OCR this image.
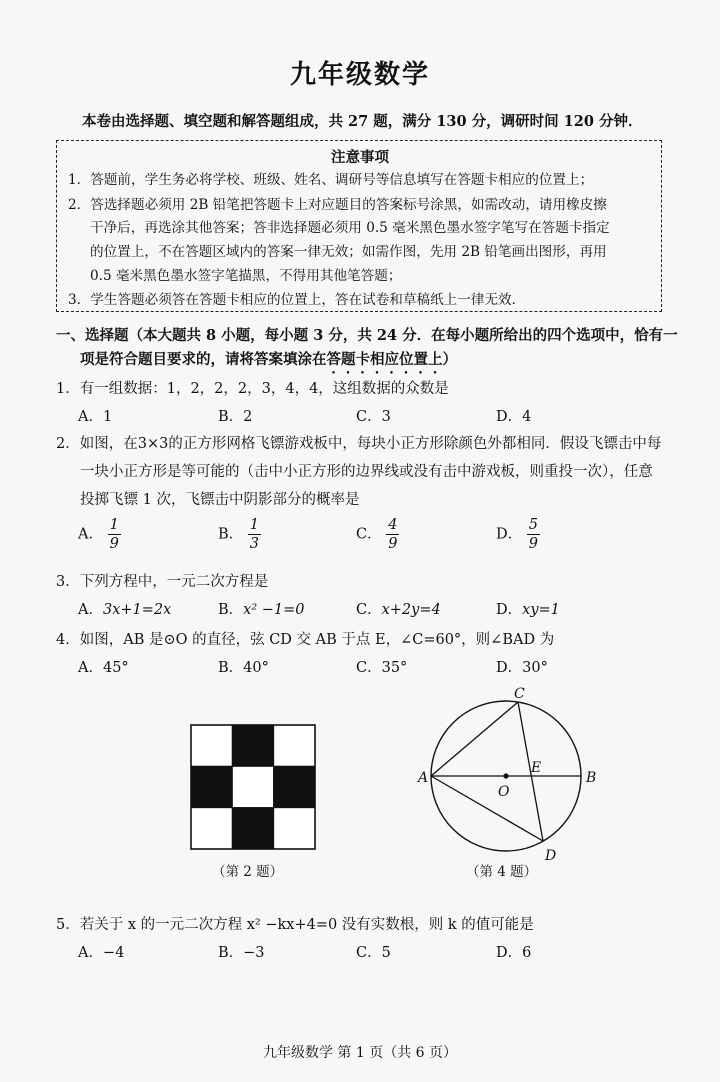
九年级数学
本卷由选择题、填空题和解答题组成，共 27 题，满分 130 分，调研时间 120 分钟．
注意事项
1．答题前，学生务必将学校、班级、姓名、调研号等信息填写在答题卡相应的位置上；
2．答选择题必须用 2B 铅笔把答题卡上对应题目的答案标号涂黑，如需改动，请用橡皮擦
干净后，再选涂其他答案；答非选择题必须用 0.5 毫米黑色墨水签字笔写在答题卡指定
的位置上，不在答题区域内的答案一律无效；如需作图，先用 2B 铅笔画出图形，再用
0.5 毫米黑色墨水签字笔描黑，不得用其他笔答题；
3．学生答题必须答在答题卡相应的位置上，答在试卷和草稿纸上一律无效．
一、选择题（本大题共 8 小题，每小题 3 分，共 24 分．在每小题所给出的四个选项中，恰有一
项是符合题目要求的，请将答案填涂在答题卡相应位置上）
1．有一组数据：1，2，2，2，3，4，4，这组数据的众数是
A．1	B．2	C．3	D．4
2．如图，在3×3的正方形网格飞镖游戏板中，每块小正方形除颜色外都相同．假设飞镖击中每
一块小正方形是等可能的（击中小正方形的边界线或没有击中游戏板，则重投一次），任意
投掷飞镖 1 次，飞镖击中阴影部分的概率是
A． $\frac{1}{9}$	B． $\frac{1}{3}$	C． $\frac{4}{9}$	D． $\frac{5}{9}$
3．下列方程中，一元二次方程是
A．3x+1=2x	B．x² −1=0	C．x+2y=4	D．xy=1
4．如图，AB 是⊙O 的直径，弦 CD 交 AB 于点 E，∠C=60°，则∠BAD 为
A．45°	B．40°	C．35°	D．30°
（第 2 题）
A	B
C
D
E
O
（第 4 题）
5．若关于 x 的一元二次方程 x² −kx+4=0 没有实数根，则 k 的值可能是
A．−4	B．−3	C．5	D．6
九年级数学 第 1 页（共 6 页）
